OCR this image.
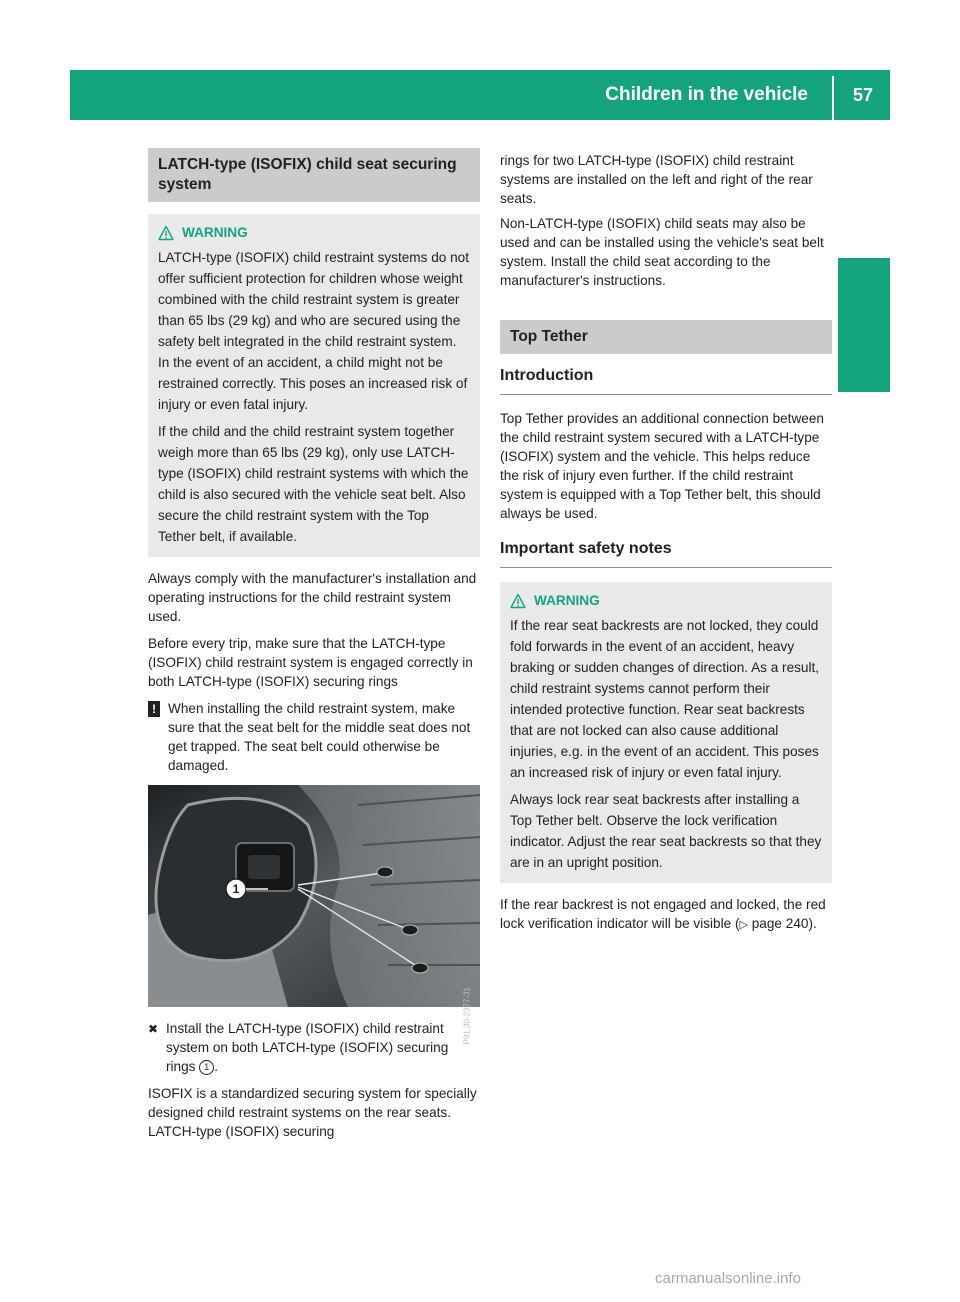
Children in the vehicle	57
Safety
LATCH-type (ISOFIX) child seat securing system
WARNING

LATCH-type (ISOFIX) child restraint systems do not offer sufficient protection for children whose weight combined with the child restraint system is greater than 65 lbs (29 kg) and who are secured using the safety belt integrated in the child restraint system. In the event of an accident, a child might not be restrained correctly. This poses an increased risk of injury or even fatal injury.

If the child and the child restraint system together weigh more than 65 lbs (29 kg), only use LATCH-type (ISOFIX) child restraint systems with which the child is also secured with the vehicle seat belt. Also secure the child restraint system with the Top Tether belt, if available.

Always comply with the manufacturer's installation and operating instructions for the child restraint system used.

Before every trip, make sure that the LATCH-type (ISOFIX) child restraint system is engaged correctly in both LATCH-type (ISOFIX) securing rings

! When installing the child restraint system, make sure that the seat belt for the middle seat does not get trapped. The seat belt could otherwise be damaged.

1
P91.30-2377-31
✖ Install the LATCH-type (ISOFIX) child restraint system on both LATCH-type (ISOFIX) securing rings 1 .

ISOFIX is a standardized securing system for specially designed child restraint systems on the rear seats. LATCH-type (ISOFIX) securing

rings for two LATCH-type (ISOFIX) child restraint systems are installed on the left and right of the rear seats.

Non-LATCH-type (ISOFIX) child seats may also be used and can be installed using the vehicle's seat belt system. Install the child seat according to the manufacturer's instructions.

Top Tether
Introduction

Top Tether provides an additional connection between the child restraint system secured with a LATCH-type (ISOFIX) system and the vehicle. This helps reduce the risk of injury even further. If the child restraint system is equipped with a Top Tether belt, this should always be used.

Important safety notes
WARNING

If the rear seat backrests are not locked, they could fold forwards in the event of an accident, heavy braking or sudden changes of direction. As a result, child restraint systems cannot perform their intended protective function. Rear seat backrests that are not locked can also cause additional injuries, e.g. in the event of an accident. This poses an increased risk of injury or even fatal injury.

Always lock rear seat backrests after installing a Top Tether belt. Observe the lock verification indicator. Adjust the rear seat backrests so that they are in an upright position.

If the rear backrest is not engaged and locked, the red lock verification indicator will be visible (▷ page 240).

carmanualsonline.info
